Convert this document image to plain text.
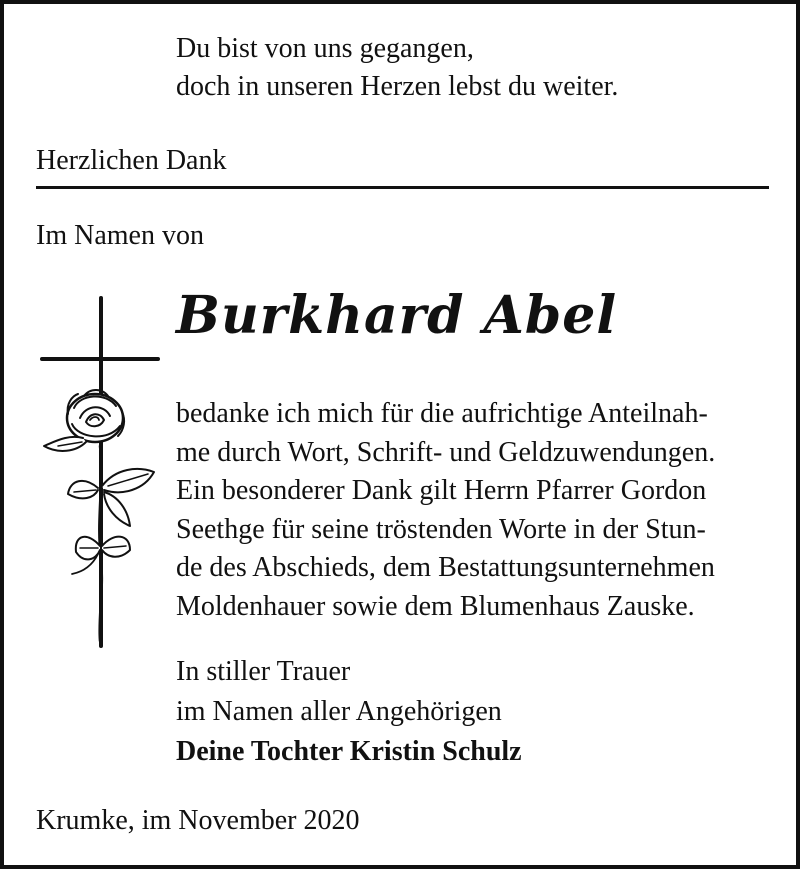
Du bist von uns gegangen,
doch in unseren Herzen lebst du weiter.

Herzlichen Dank

Im Namen von

Burkhard Abel

bedanke ich mich für die aufrichtige Anteilnah-
me durch Wort, Schrift- und Geldzuwendungen.
Ein besonderer Dank gilt Herrn Pfarrer Gordon
Seethge für seine tröstenden Worte in der Stun-
de des Abschieds, dem Bestattungsunternehmen
Moldenhauer sowie dem Blumenhaus Zauske.

In stiller Trauer
im Namen aller Angehörigen
Deine Tochter Kristin Schulz

Krumke, im November 2020
